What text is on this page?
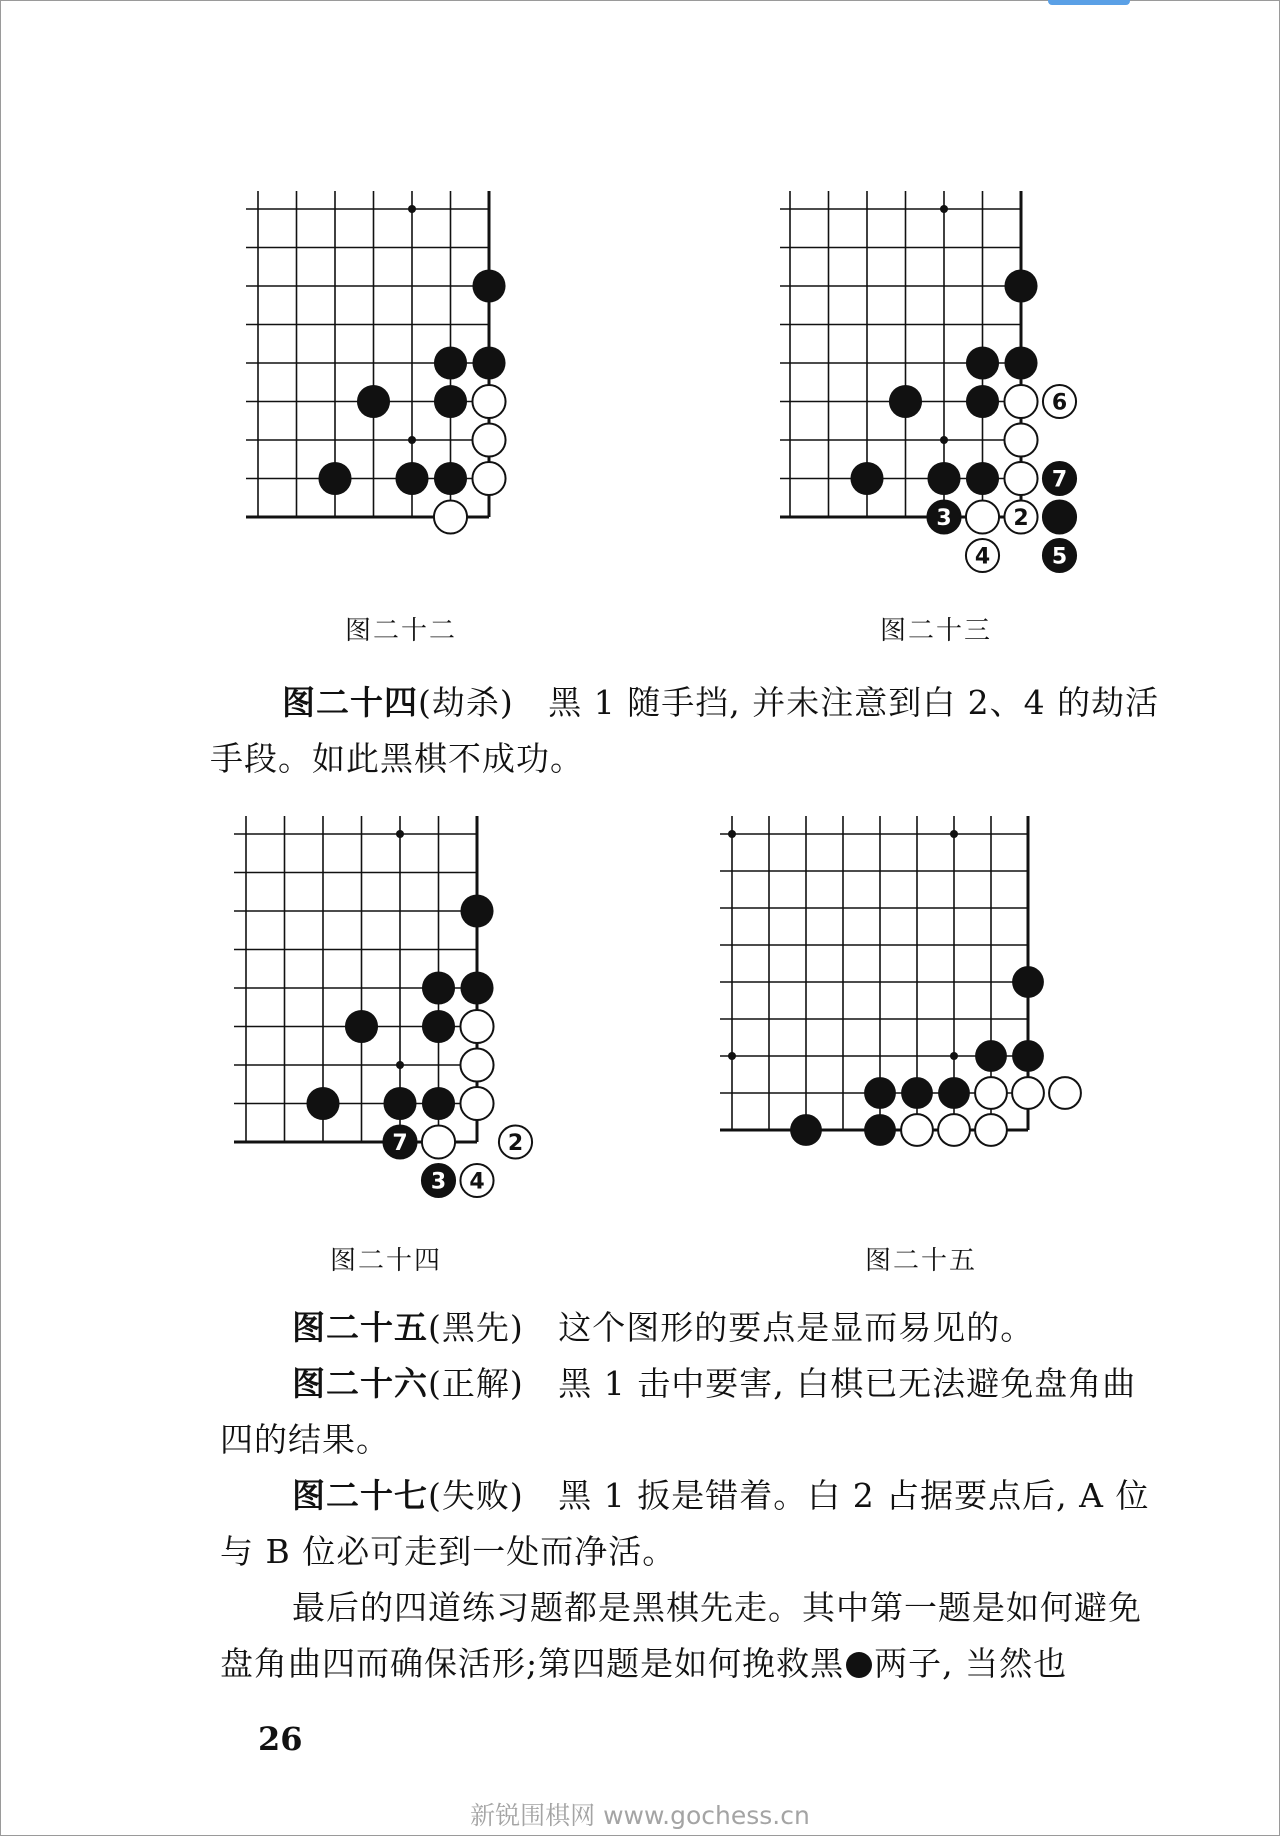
图二十二
6
7
3	2
4	5
图二十三
图二十四(劫杀) 黑 1 随手挡, 并未注意到白 2、4 的劫活手段。如此黑棋不成功。
7	2
3 4
图二十四	图二十五
图二十五(黑先) 这个图形的要点是显而易见的。
图二十六(正解) 黑 1 击中要害, 白棋已无法避免盘角曲四的结果。
图二十七(失败) 黑 1 扳是错着。白 2 占据要点后, A 位与 B 位必可走到一处而净活。
最后的四道练习题都是黑棋先走。其中第一题是如何避免盘角曲四而确保活形;第四题是如何挽救黑 两子, 当然也
26
新锐围棋网 www.gochess.cn
